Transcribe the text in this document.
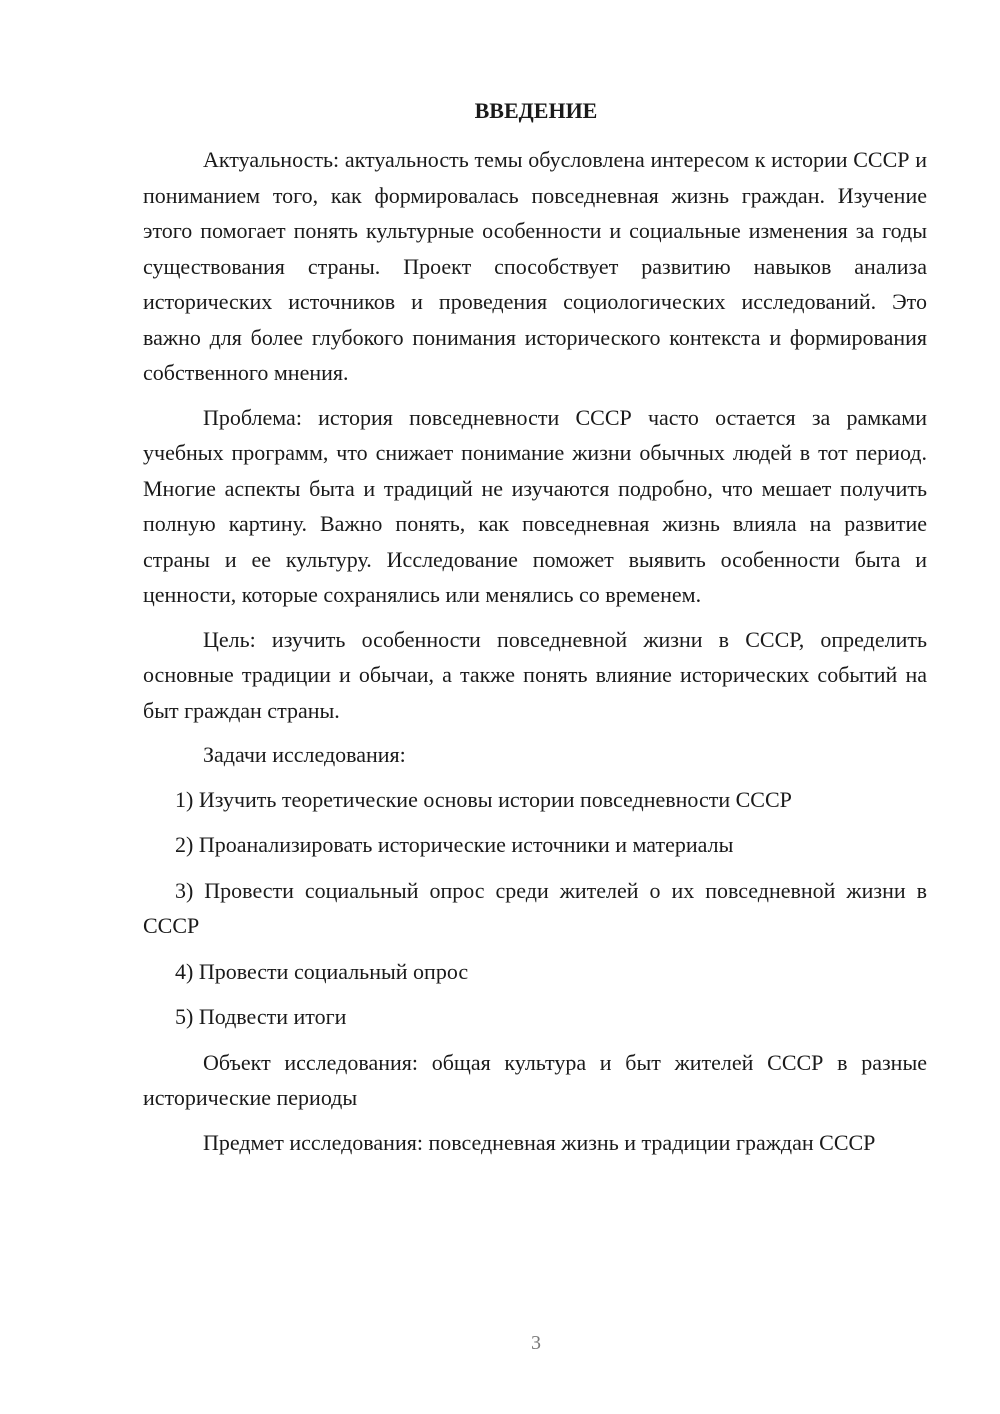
ВВЕДЕНИЕ

Актуальность: актуальность темы обусловлена интересом к истории СССР и пониманием того, как формировалась повседневная жизнь граждан. Изучение этого помогает понять культурные особенности и социальные изменения за годы существования страны. Проект способствует развитию навыков анализа исторических источников и проведения социологических исследований. Это важно для более глубокого понимания исторического контекста и формирования собственного мнения.

Проблема: история повседневности СССР часто остается за рамками учебных программ, что снижает понимание жизни обычных людей в тот период. Многие аспекты быта и традиций не изучаются подробно, что мешает получить полную картину. Важно понять, как повседневная жизнь влияла на развитие страны и ее культуру. Исследование поможет выявить особенности быта и ценности, которые сохранялись или менялись со временем.

Цель: изучить особенности повседневной жизни в СССР, определить основные традиции и обычаи, а также понять влияние исторических событий на быт граждан страны.

Задачи исследования:

1) Изучить теоретические основы истории повседневности СССР

2) Проанализировать исторические источники и материалы

3) Провести социальный опрос среди жителей о их повседневной жизни в СССР

4) Провести социальный опрос

5) Подвести итоги

Объект исследования: общая культура и быт жителей СССР в разные исторические периоды

Предмет исследования: повседневная жизнь и традиции граждан СССР

3
